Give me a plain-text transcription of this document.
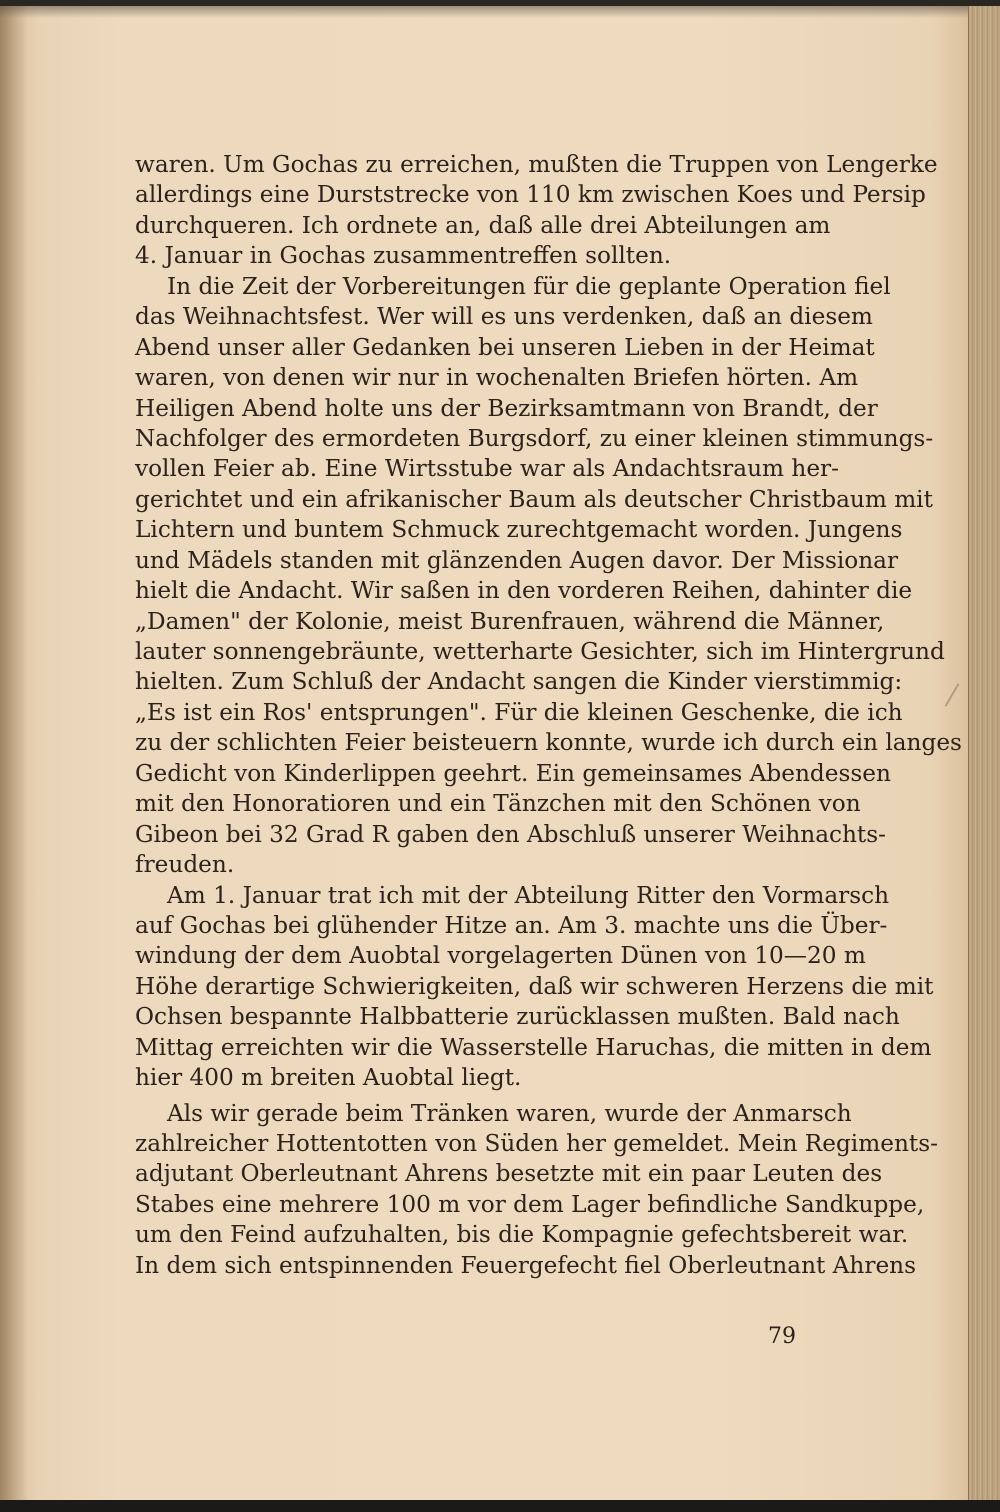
waren. Um Gochas zu erreichen, mußten die Truppen von Lengerke
allerdings eine Durststrecke von 110 km zwischen Koes und Persip
durchqueren. Ich ordnete an, daß alle drei Abteilungen am
4. Januar in Gochas zusammentreffen sollten.
In die Zeit der Vorbereitungen für die geplante Operation fiel
das Weihnachtsfest. Wer will es uns verdenken, daß an diesem
Abend unser aller Gedanken bei unseren Lieben in der Heimat
waren, von denen wir nur in wochenalten Briefen hörten. Am
Heiligen Abend holte uns der Bezirksamtmann von Brandt, der
Nachfolger des ermordeten Burgsdorf, zu einer kleinen stimmungs-
vollen Feier ab. Eine Wirtsstube war als Andachtsraum her-
gerichtet und ein afrikanischer Baum als deutscher Christbaum mit
Lichtern und buntem Schmuck zurechtgemacht worden. Jungens
und Mädels standen mit glänzenden Augen davor. Der Missionar
hielt die Andacht. Wir saßen in den vorderen Reihen, dahinter die
„Damen" der Kolonie, meist Burenfrauen, während die Männer,
lauter sonnengebräunte, wetterharte Gesichter, sich im Hintergrund
hielten. Zum Schluß der Andacht sangen die Kinder vierstimmig:
„Es ist ein Ros' entsprungen". Für die kleinen Geschenke, die ich
zu der schlichten Feier beisteuern konnte, wurde ich durch ein langes
Gedicht von Kinderlippen geehrt. Ein gemeinsames Abendessen
mit den Honoratioren und ein Tänzchen mit den Schönen von
Gibeon bei 32 Grad R gaben den Abschluß unserer Weihnachts-
freuden.
Am 1. Januar trat ich mit der Abteilung Ritter den Vormarsch
auf Gochas bei glühender Hitze an. Am 3. machte uns die Über-
windung der dem Auobtal vorgelagerten Dünen von 10—20 m
Höhe derartige Schwierigkeiten, daß wir schweren Herzens die mit
Ochsen bespannte Halbbatterie zurücklassen mußten. Bald nach
Mittag erreichten wir die Wasserstelle Haruchas, die mitten in dem
hier 400 m breiten Auobtal liegt.
Als wir gerade beim Tränken waren, wurde der Anmarsch
zahlreicher Hottentotten von Süden her gemeldet. Mein Regiments-
adjutant Oberleutnant Ahrens besetzte mit ein paar Leuten des
Stabes eine mehrere 100 m vor dem Lager befindliche Sandkuppe,
um den Feind aufzuhalten, bis die Kompagnie gefechtsbereit war.
In dem sich entspinnenden Feuergefecht fiel Oberleutnant Ahrens
79
